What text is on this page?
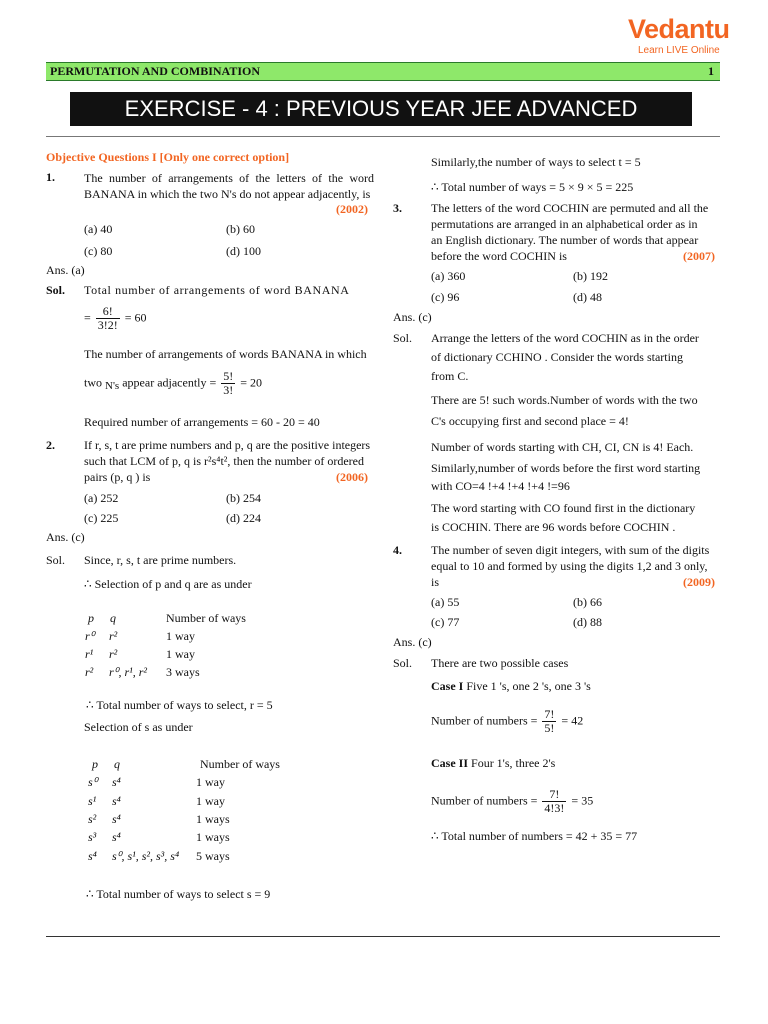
Vedantu
Learn LIVE Online
PERMUTATION AND COMBINATION	1
EXERCISE - 4 : PREVIOUS YEAR JEE ADVANCED QUESTIONS
Objective Questions I [Only one correct option]
1. The number of arrangements of the letters of the word BANANA in which the two N's do not appear adjacently, is
(2002)
(a) 40	(b) 60
(c) 80	(d) 100
Ans. (a)
Sol. Total number of arrangements of word BANANA
= $\frac{6!}{3!2!} = 60$
The number of arrangements of words BANANA in which
two N's appear adjacently = $\frac{5!}{3!} = 20$
Required number of arrangements = 60 - 20 = 40
2. If r, s, t are prime numbers and p, q are the positive integers
such that LCM of p, q is r²s⁴t², then the number of ordered
pairs (p, q ) is	(2006)
(a) 252	(b) 254
(c) 225	(d) 224
Ans. (c)
Sol. Since, r, s, t are prime numbers.
∴ Selection of p and q are as under
p q	Number of ways
r⁰ r²	1 way
r¹ r²	1 way
r² r⁰, r¹, r² 3 ways
∴ Total number of ways to select, r = 5
Selection of s as under
p q	Number of ways
s⁰ s⁴	1 way
s¹ s⁴	1 way
s² s⁴	1 ways
s³ s⁴	1 ways
s⁴ s⁰, s¹, s², s³, s⁴ 5 ways
∴ Total number of ways to select s = 9
Similarly,the number of ways to select t = 5
∴ Total number of ways = 5 × 9 × 5 = 225
3. The letters of the word COCHIN are permuted and all the
permutations are arranged in an alphabetical order as in
an English dictionary. The number of words that appear
before the word COCHIN is	(2007)
(a) 360	(b) 192
(c) 96	(d) 48
Ans. (c)
Sol. Arrange the letters of the word COCHIN as in the order
of dictionary CCHINO . Consider the words starting
from C.
There are 5! such words.Number of words with the two
C's occupying first and second place = 4!
Number of words starting with CH, CI, CN is 4! Each.
Similarly,number of words before the first word starting
with CO=4 !+4 !+4 !+4 !=96
The word starting with CO found first in the dictionary
is COCHIN. There are 96 words before COCHIN .
4. The number of seven digit integers, with sum of the digits
equal to 10 and formed by using the digits 1,2 and 3 only,
is	(2009)
(a) 55	(b) 66
(c) 77	(d) 88
Ans. (c)
Sol. There are two possible cases
Case I Five 1 's, one 2 's, one 3 's
Number of numbers = $\frac{7!}{5!} = 42$
Case II Four 1's, three 2's
Number of numbers = $\frac{7!}{4!3!} = 35$
∴ Total number of numbers = 42 + 35 = 77
